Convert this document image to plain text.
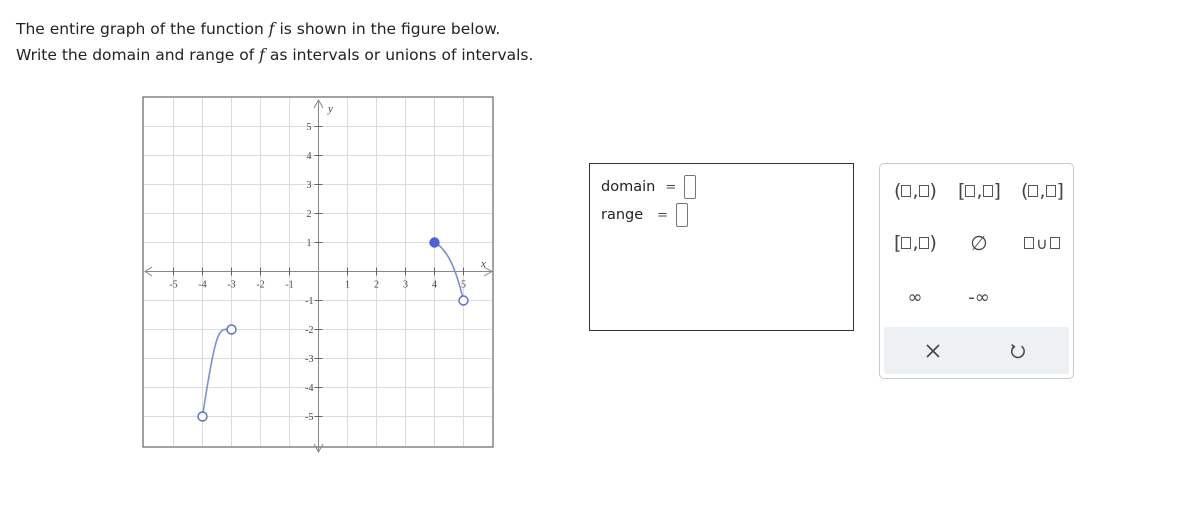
The entire graph of the function f is shown in the figure below.
Write the domain and range of f as intervals or unions of intervals.
-5 -4 -3 -2 -1	1 2 3 4 5
5
4
3
2
1
-1
-2
-3
-4
-5
y
x
domain =
range =
( , ) [ , ] ( , ]
[ , )	∅	∪
∞	-∞
